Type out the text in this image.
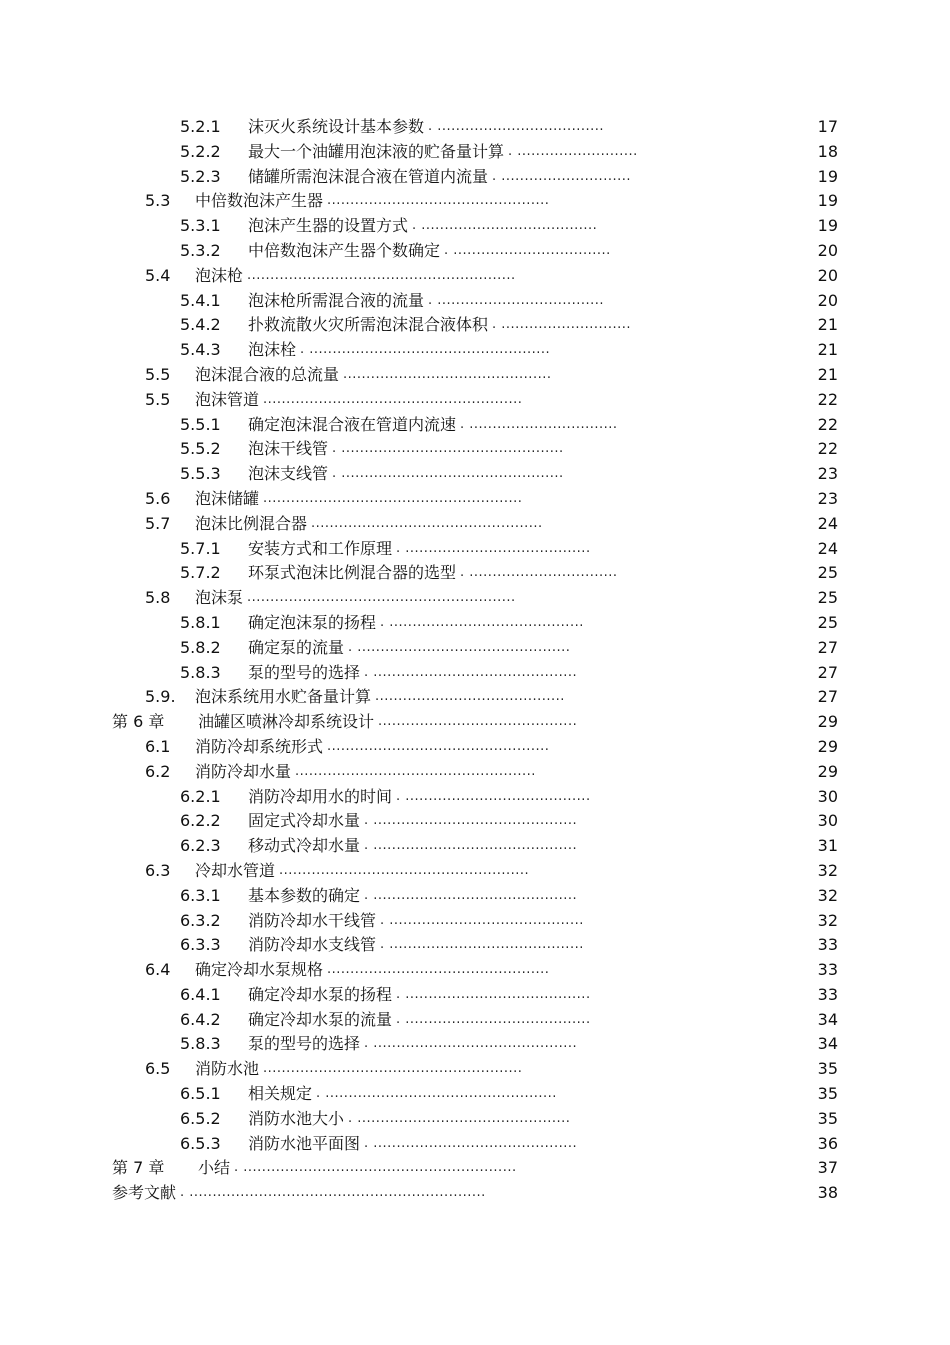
5.2.1 沫灭火系统设计基本参数 . ....................................	17
5.2.2 最大一个油罐用泡沫液的贮备量计算 . ..........................	18
5.2.3 储罐所需泡沫混合液在管道内流量 . ............................	19
5.3 中倍数泡沫产生器 ................................................	19
5.3.1 泡沫产生器的设置方式 . ......................................	19
5.3.2 中倍数泡沫产生器个数确定 . ..................................	20
5.4 泡沫枪 ..........................................................	20
5.4.1 泡沫枪所需混合液的流量 . ....................................	20
5.4.2 扑救流散火灾所需泡沫混合液体积 . ............................	21
5.4.3 泡沫栓 . ....................................................	21
5.5 泡沫混合液的总流量 .............................................	21
5.5 泡沫管道 ........................................................	22
5.5.1 确定泡沫混合液在管道内流速 . ................................	22
5.5.2 泡沫干线管 . ................................................	22
5.5.3 泡沫支线管 . ................................................	23
5.6 泡沫储罐 ........................................................	23
5.7 泡沫比例混合器 ..................................................	24
5.7.1 安装方式和工作原理 . ........................................	24
5.7.2 环泵式泡沫比例混合器的选型 . ................................	25
5.8 泡沫泵 ..........................................................	25
5.8.1 确定泡沫泵的扬程 . ..........................................	25
5.8.2 确定泵的流量 . ..............................................	27
5.8.3 泵的型号的选择 . ............................................	27
5.9. 泡沫系统用水贮备量计算 .........................................	27
第 6 章 油罐区喷淋冷却系统设计 ...........................................	29
6.1 消防冷却系统形式 ................................................	29
6.2 消防冷却水量 ....................................................	29
6.2.1 消防冷却用水的时间 . ........................................	30
6.2.2 固定式冷却水量 . ............................................	30
6.2.3 移动式冷却水量 . ............................................	31
6.3 冷却水管道 ......................................................	32
6.3.1 基本参数的确定 . ............................................	32
6.3.2 消防冷却水干线管 . ..........................................	32
6.3.3 消防冷却水支线管 . ..........................................	33
6.4 确定冷却水泵规格 ................................................	33
6.4.1 确定冷却水泵的扬程 . ........................................	33
6.4.2 确定冷却水泵的流量 . ........................................	34
5.8.3 泵的型号的选择 . ............................................	34
6.5 消防水池 ........................................................	35
6.5.1 相关规定 . ..................................................	35
6.5.2 消防水池大小 . ..............................................	35
6.5.3 消防水池平面图 . ............................................	36
第 7 章 小结 . ...........................................................	37
参考文献 . ................................................................	38
